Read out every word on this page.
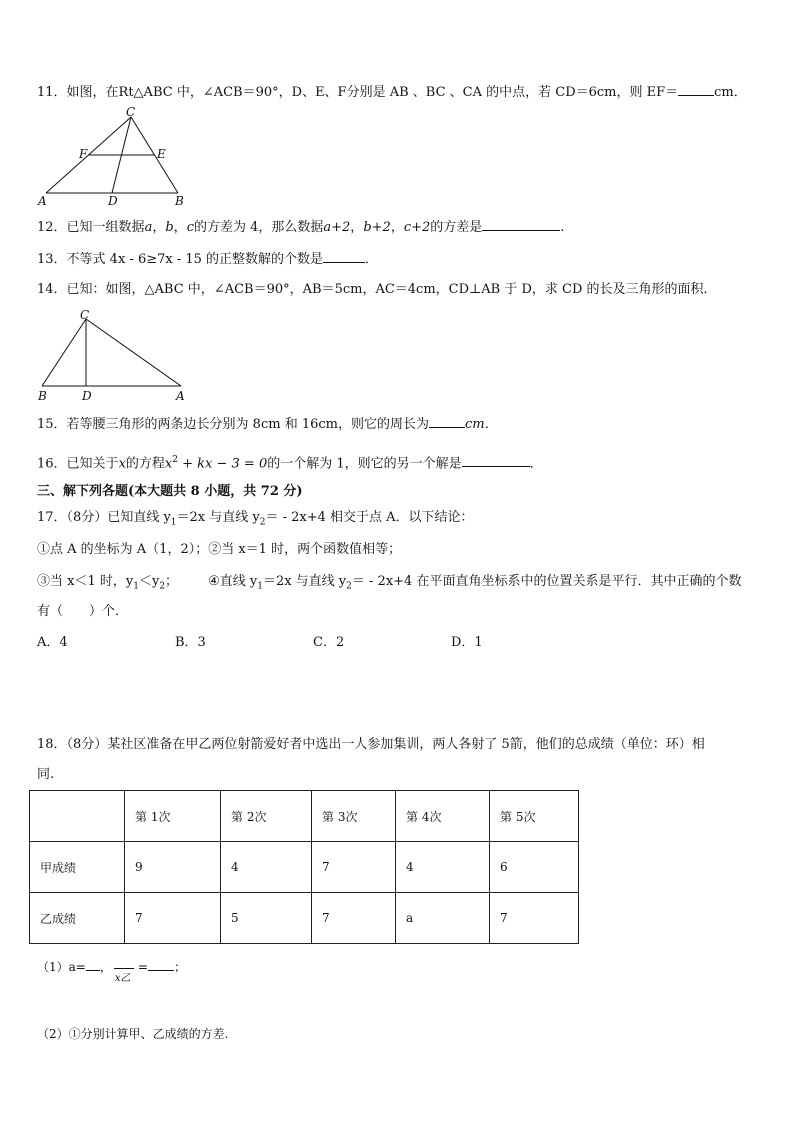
11．如图，在Rt△ABC 中，∠ACB＝90°，D、E、F分别是 AB 、BC 、CA 的中点，若 CD＝6cm，则 EF＝	cm．
C
F	E
A	D	B
12．已知一组数据a，b，c的方差为 4，那么数据a+2，b+2，c+2的方差是	.
13．不等式 4x - 6≥7x - 15 的正整数解的个数是	．
14．已知：如图，△ABC 中，∠ACB＝90°，AB＝5cm，AC＝4cm，CD⊥AB 于 D，求 CD 的长及三角形的面积．
C
B	D	A
15．若等腰三角形的两条边长分别为 8cm 和 16cm，则它的周长为	cm．
16．已知关于x的方程$x^2$ + kx − 3 = 0的一个解为 1，则它的另一个解是	．
三、解下列各题(本大题共 8 小题，共 72 分)
17．（8分）已知直线 $y_1=2x$ 与直线 $y_2= - 2x+4$ 相交于点 A．以下结论：
①点 A 的坐标为 A（1，2）；②当 x＝1 时，两个函数值相等；
③当 x＜1 时，$y_1<y_2$； ④直线 $y_1=2x$ 与直线 $y_2= - 2x+4$ 在平面直角坐标系中的位置关系是平行．其中正确的个数
有（　　）个．
A．4	B．3	C．2	D．1
18．（8分）某社区准备在甲乙两位射箭爱好者中选出一人参加集训，两人各射了 5箭，他们的总成绩（单位：环）相
同.
	第 1次	第 2次	第 3次	第 4次	第 5次
甲成绩	9	4	7	4	6
乙成绩	7	5	7	a	7
（1）a= ，
x乙
= ；
（2）①分别计算甲、乙成绩的方差.
